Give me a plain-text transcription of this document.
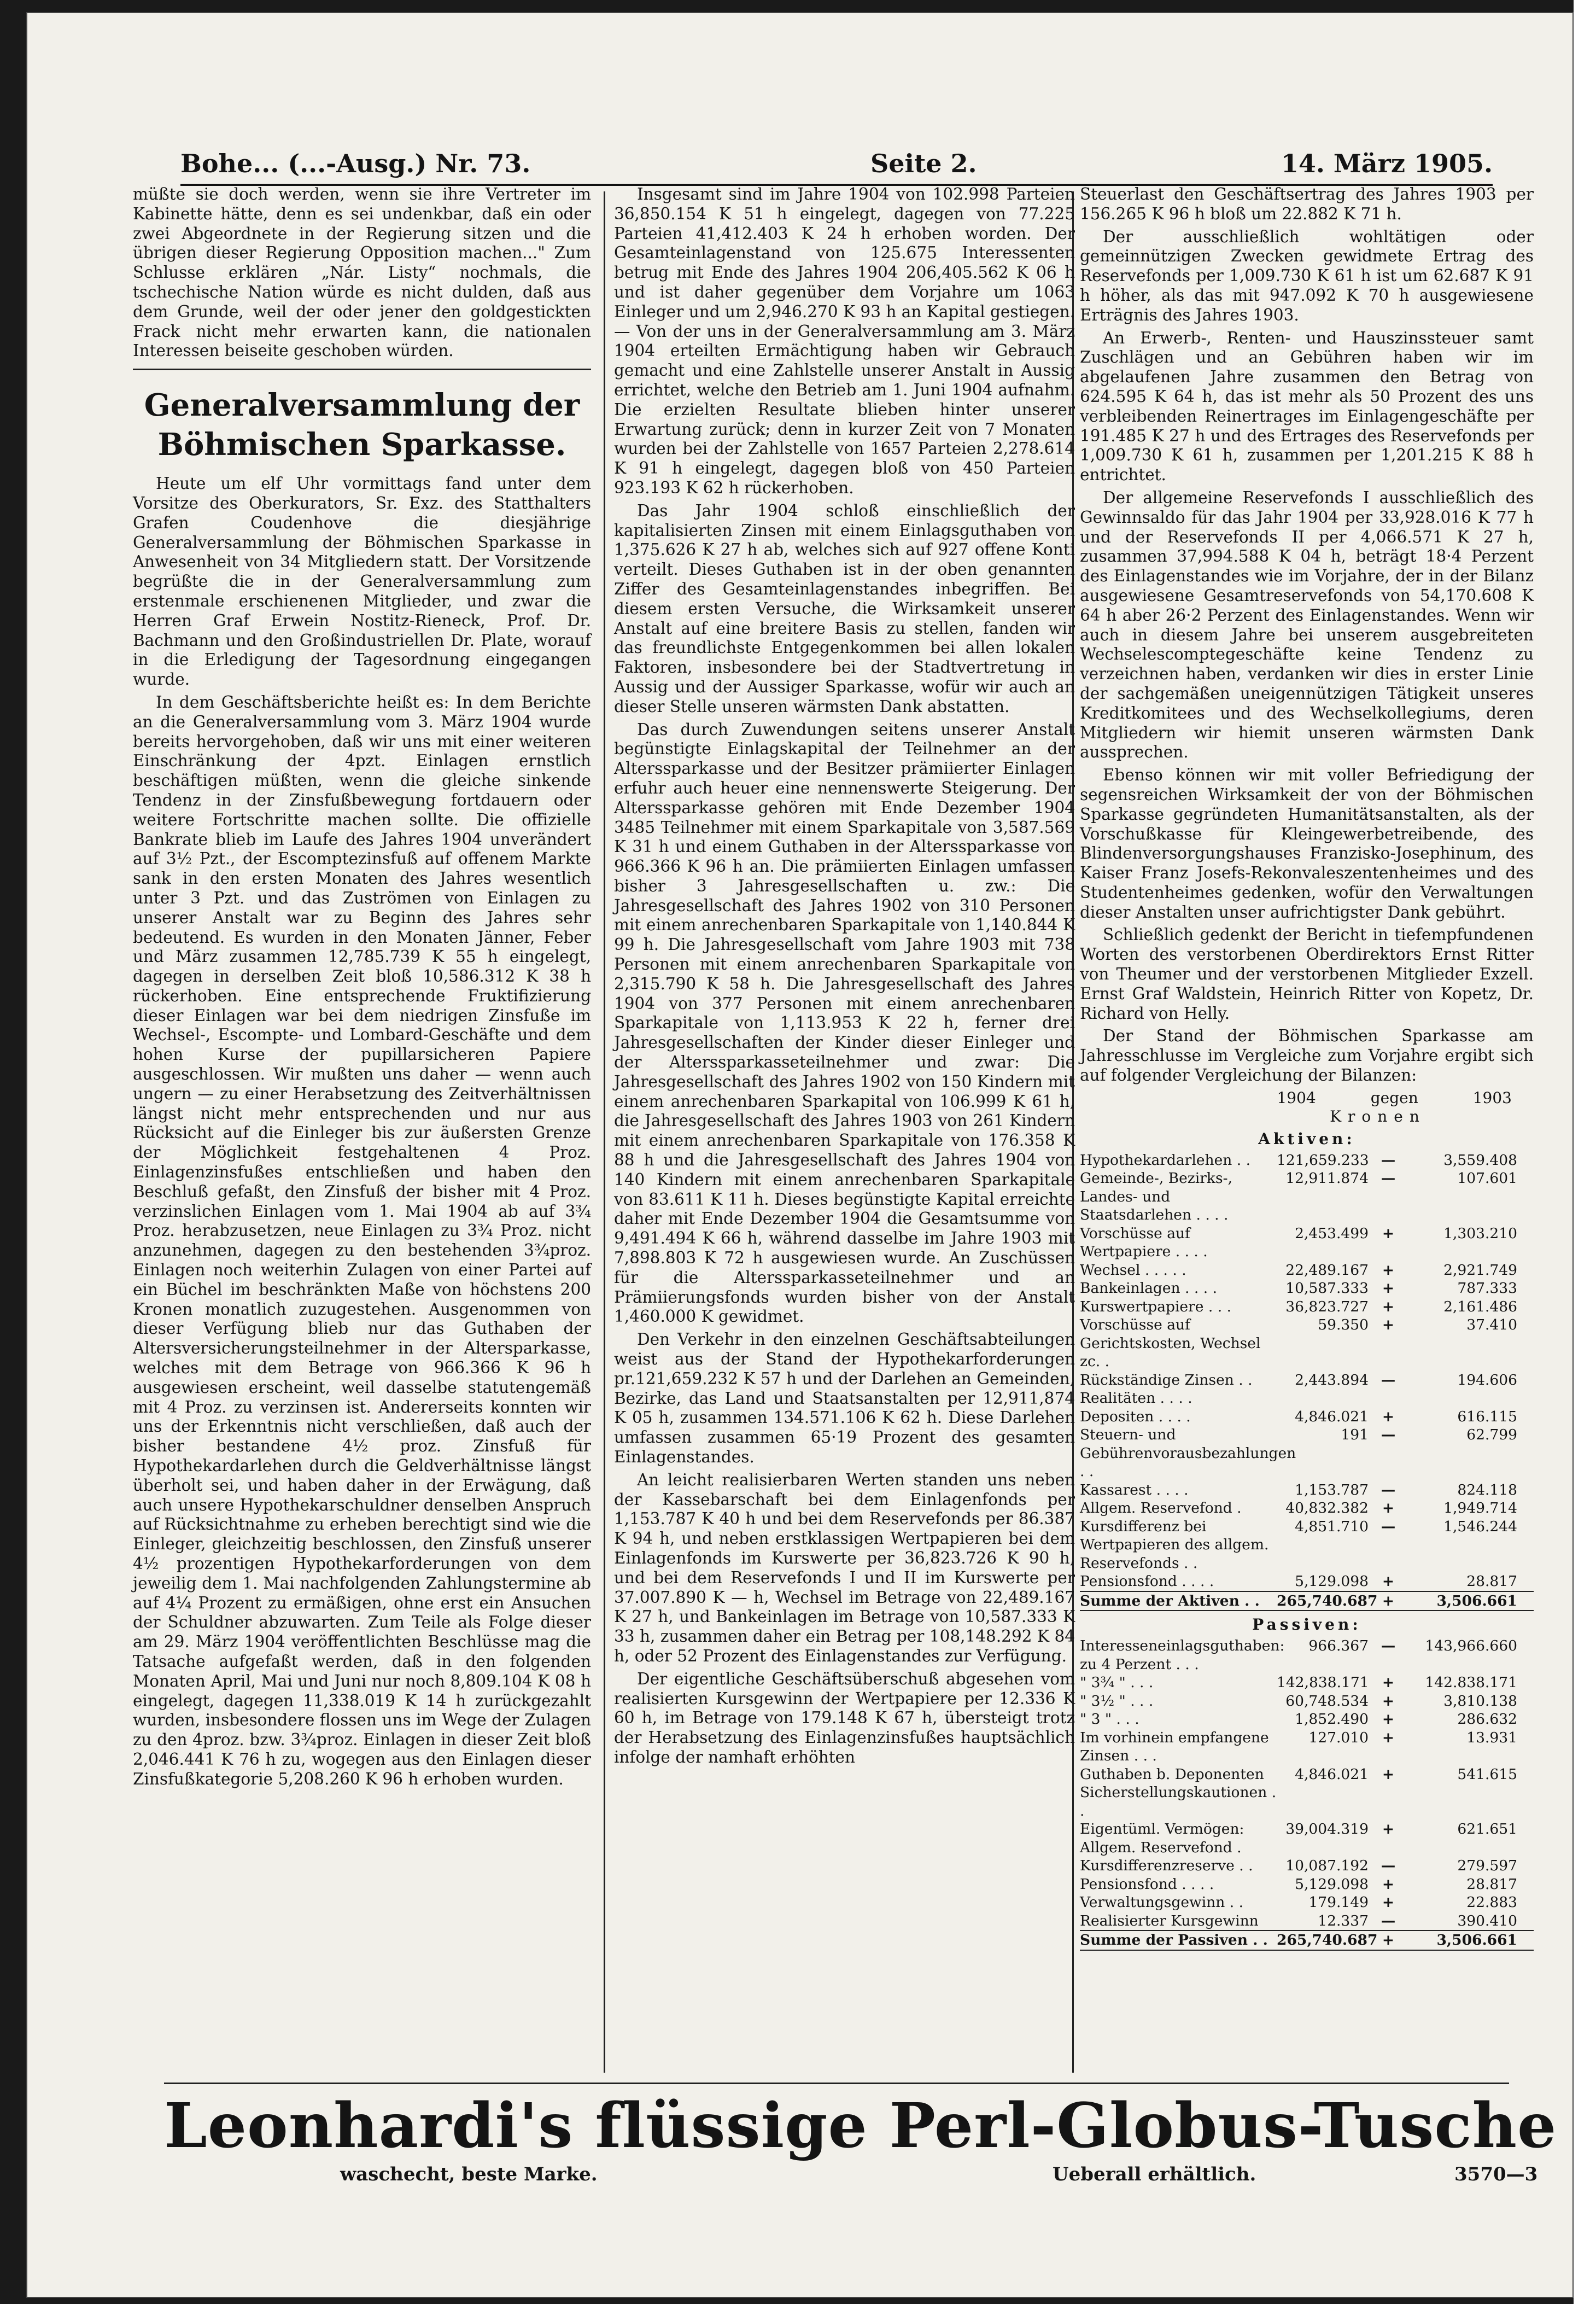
Bohe... (...-Ausg.) Nr. 73.	Seite 2.	14. März 1905.

müßte sie doch werden, wenn sie ihre Vertreter im Kabinette hätte, denn es sei undenkbar, daß ein oder zwei Abgeordnete in der Regierung sitzen und die übrigen dieser Regierung Opposition machen..." Zum Schlusse erklären „Nár. Listy“ nochmals, die tschechische Nation würde es nicht dulden, daß aus dem Grunde, weil der oder jener den goldgestickten Frack nicht mehr erwarten kann, die nationalen Interessen beiseite geschoben würden.

Generalversammlung der Böhmischen Sparkasse.

Heute um elf Uhr vormittags fand unter dem Vorsitze des Oberkurators, Sr. Exz. des Statthalters Grafen Coudenhove die diesjährige Generalversammlung der Böhmischen Sparkasse in Anwesenheit von 34 Mitgliedern statt. Der Vorsitzende begrüßte die in der Generalversammlung zum erstenmale erschienenen Mitglieder, und zwar die Herren Graf Erwein Nostitz-Rieneck, Prof. Dr. Bachmann und den Großindustriellen Dr. Plate, worauf in die Erledigung der Tagesordnung eingegangen wurde.

In dem Geschäftsberichte heißt es: In dem Berichte an die Generalversammlung vom 3. März 1904 wurde bereits hervorgehoben, daß wir uns mit einer weiteren Einschränkung der 4pzt. Einlagen ernstlich beschäftigen müßten, wenn die gleiche sinkende Tendenz in der Zinsfußbewegung fortdauern oder weitere Fortschritte machen sollte. Die offizielle Bankrate blieb im Laufe des Jahres 1904 unverändert auf 3½ Pzt., der Escomptezinsfuß auf offenem Markte sank in den ersten Monaten des Jahres wesentlich unter 3 Pzt. und das Zuströmen von Einlagen zu unserer Anstalt war zu Beginn des Jahres sehr bedeutend. Es wurden in den Monaten Jänner, Feber und März zusammen 12,785.739 K 55 h eingelegt, dagegen in derselben Zeit bloß 10,586.312 K 38 h rückerhoben. Eine entsprechende Fruktifizierung dieser Einlagen war bei dem niedrigen Zinsfuße im Wechsel-, Escompte- und Lombard-Geschäfte und dem hohen Kurse der pupillarsicheren Papiere ausgeschlossen. Wir mußten uns daher — wenn auch ungern — zu einer Herabsetzung des Zeitverhältnissen längst nicht mehr entsprechenden und nur aus Rücksicht auf die Einleger bis zur äußersten Grenze der Möglichkeit festgehaltenen 4 Proz. Einlagenzinsfußes entschließen und haben den Beschluß gefaßt, den Zinsfuß der bisher mit 4 Proz. verzinslichen Einlagen vom 1. Mai 1904 ab auf 3¾ Proz. herabzusetzen, neue Einlagen zu 3¾ Proz. nicht anzunehmen, dagegen zu den bestehenden 3¾proz. Einlagen noch weiterhin Zulagen von einer Partei auf ein Büchel im beschränkten Maße von höchstens 200 Kronen monatlich zuzugestehen. Ausgenommen von dieser Verfügung blieb nur das Guthaben der Altersversicherungsteilnehmer in der Altersparkasse, welches mit dem Betrage von 966.366 K 96 h ausgewiesen erscheint, weil dasselbe statutengemäß mit 4 Proz. zu verzinsen ist. Andererseits konnten wir uns der Erkenntnis nicht verschließen, daß auch der bisher bestandene 4½ proz. Zinsfuß für Hypothekardarlehen durch die Geldverhältnisse längst überholt sei, und haben daher in der Erwägung, daß auch unsere Hypothekarschuldner denselben Anspruch auf Rücksichtnahme zu erheben berechtigt sind wie die Einleger, gleichzeitig beschlossen, den Zinsfuß unserer 4½ prozentigen Hypothekarforderungen von dem jeweilig dem 1. Mai nachfolgenden Zahlungstermine ab auf 4¼ Prozent zu ermäßigen, ohne erst ein Ansuchen der Schuldner abzuwarten. Zum Teile als Folge dieser am 29. März 1904 veröffentlichten Beschlüsse mag die Tatsache aufgefaßt werden, daß in den folgenden Monaten April, Mai und Juni nur noch 8,809.104 K 08 h eingelegt, dagegen 11,338.019 K 14 h zurückgezahlt wurden, insbesondere flossen uns im Wege der Zulagen zu den 4proz. bzw. 3¾proz. Einlagen in dieser Zeit bloß 2,046.441 K 76 h zu, wogegen aus den Einlagen dieser Zinsfußkategorie 5,208.260 K 96 h erhoben wurden.

Insgesamt sind im Jahre 1904 von 102.998 Parteien 36,850.154 K 51 h eingelegt, dagegen von 77.225 Parteien 41,412.403 K 24 h erhoben worden. Der Gesamteinlagenstand von 125.675 Interessenten betrug mit Ende des Jahres 1904 206,405.562 K 06 h und ist daher gegenüber dem Vorjahre um 1063 Einleger und um 2,946.270 K 93 h an Kapital gestiegen. — Von der uns in der Generalversammlung am 3. März 1904 erteilten Ermächtigung haben wir Gebrauch gemacht und eine Zahlstelle unserer Anstalt in Aussig errichtet, welche den Betrieb am 1. Juni 1904 aufnahm. Die erzielten Resultate blieben hinter unserer Erwartung zurück; denn in kurzer Zeit von 7 Monaten wurden bei der Zahlstelle von 1657 Parteien 2,278.614 K 91 h eingelegt, dagegen bloß von 450 Parteien 923.193 K 62 h rückerhoben.

Das Jahr 1904 schloß einschließlich der kapitalisierten Zinsen mit einem Einlagsguthaben von 1,375.626 K 27 h ab, welches sich auf 927 offene Konti verteilt. Dieses Guthaben ist in der oben genannten Ziffer des Gesamteinlagenstandes inbegriffen. Bei diesem ersten Versuche, die Wirksamkeit unserer Anstalt auf eine breitere Basis zu stellen, fanden wir das freundlichste Entgegenkommen bei allen lokalen Faktoren, insbesondere bei der Stadtvertretung in Aussig und der Aussiger Sparkasse, wofür wir auch an dieser Stelle unseren wärmsten Dank abstatten.

Das durch Zuwendungen seitens unserer Anstalt begünstigte Einlagskapital der Teilnehmer an der Alterssparkasse und der Besitzer prämiierter Einlagen erfuhr auch heuer eine nennenswerte Steigerung. Der Alterssparkasse gehören mit Ende Dezember 1904 3485 Teilnehmer mit einem Sparkapitale von 3,587.569 K 31 h und einem Guthaben in der Alterssparkasse von 966.366 K 96 h an. Die prämiierten Einlagen umfassen bisher 3 Jahresgesellschaften u. zw.: Die Jahresgesellschaft des Jahres 1902 von 310 Personen mit einem anrechenbaren Sparkapitale von 1,140.844 K 99 h. Die Jahresgesellschaft vom Jahre 1903 mit 738 Personen mit einem anrechenbaren Sparkapitale von 2,315.790 K 58 h. Die Jahresgesellschaft des Jahres 1904 von 377 Personen mit einem anrechenbaren Sparkapitale von 1,113.953 K 22 h, ferner drei Jahresgesellschaften der Kinder dieser Einleger und der Alterssparkasseteilnehmer und zwar: Die Jahresgesellschaft des Jahres 1902 von 150 Kindern mit einem anrechenbaren Sparkapital von 106.999 K 61 h, die Jahresgesellschaft des Jahres 1903 von 261 Kindern mit einem anrechenbaren Sparkapitale von 176.358 K 88 h und die Jahresgesellschaft des Jahres 1904 von 140 Kindern mit einem anrechenbaren Sparkapitale von 83.611 K 11 h. Dieses begünstigte Kapital erreichte daher mit Ende Dezember 1904 die Gesamtsumme von 9,491.494 K 66 h, während dasselbe im Jahre 1903 mit 7,898.803 K 72 h ausgewiesen wurde. An Zuschüssen für die Alterssparkasseteilnehmer und an Prämiierungsfonds wurden bisher von der Anstalt 1,460.000 K gewidmet.

Den Verkehr in den einzelnen Geschäftsabteilungen weist aus der Stand der Hypothekarforderungen pr.121,659.232 K 57 h und der Darlehen an Gemeinden, Bezirke, das Land und Staatsanstalten per 12,911,874 K 05 h, zusammen 134.571.106 K 62 h. Diese Darlehen umfassen zusammen 65·19 Prozent des gesamten Einlagenstandes.

An leicht realisierbaren Werten standen uns neben der Kassebarschaft bei dem Einlagenfonds per 1,153.787 K 40 h und bei dem Reservefonds per 86.387 K 94 h, und neben erstklassigen Wertpapieren bei dem Einlagenfonds im Kurswerte per 36,823.726 K 90 h, und bei dem Reservefonds I und II im Kurswerte per 37.007.890 K — h, Wechsel im Betrage von 22,489.167 K 27 h, und Bankeinlagen im Betrage von 10,587.333 K 33 h, zusammen daher ein Betrag per 108,148.292 K 84 h, oder 52 Prozent des Einlagenstandes zur Verfügung.

Der eigentliche Geschäftsüberschuß abgesehen vom realisierten Kursgewinn der Wertpapiere per 12.336 K 60 h, im Betrage von 179.148 K 67 h, übersteigt trotz der Herabsetzung des Einlagenzinsfußes hauptsächlich infolge der namhaft erhöhten

Steuerlast den Geschäftsertrag des Jahres 1903 per 156.265 K 96 h bloß um 22.882 K 71 h.

Der ausschließlich wohltätigen oder gemeinnützigen Zwecken gewidmete Ertrag des Reservefonds per 1,009.730 K 61 h ist um 62.687 K 91 h höher, als das mit 947.092 K 70 h ausgewiesene Erträgnis des Jahres 1903.

An Erwerb-, Renten- und Hauszinssteuer samt Zuschlägen und an Gebühren haben wir im abgelaufenen Jahre zusammen den Betrag von 624.595 K 64 h, das ist mehr als 50 Prozent des uns verbleibenden Reinertrages im Einlagengeschäfte per 191.485 K 27 h und des Ertrages des Reservefonds per 1,009.730 K 61 h, zusammen per 1,201.215 K 88 h entrichtet.

Der allgemeine Reservefonds I ausschließlich des Gewinnsaldo für das Jahr 1904 per 33,928.016 K 77 h und der Reservefonds II per 4,066.571 K 27 h, zusammen 37,994.588 K 04 h, beträgt 18·4 Perzent des Einlagenstandes wie im Vorjahre, der in der Bilanz ausgewiesene Gesamtreservefonds von 54,170.608 K 64 h aber 26·2 Perzent des Einlagenstandes. Wenn wir auch in diesem Jahre bei unserem ausgebreiteten Wechselescomptegeschäfte keine Tendenz zu verzeichnen haben, verdanken wir dies in erster Linie der sachgemäßen uneigennützigen Tätigkeit unseres Kreditkomitees und des Wechselkollegiums, deren Mitgliedern wir hiemit unseren wärmsten Dank aussprechen.

Ebenso können wir mit voller Befriedigung der segensreichen Wirksamkeit der von der Böhmischen Sparkasse gegründeten Humanitätsanstalten, als der Vorschußkasse für Kleingewerbetreibende, des Blindenversorgungshauses Franzisko-Josephinum, des Kaiser Franz Josefs-Rekonvaleszentenheimes und des Studentenheimes gedenken, wofür den Verwaltungen dieser Anstalten unser aufrichtigster Dank gebührt.

Schließlich gedenkt der Bericht in tiefempfundenen Worten des verstorbenen Oberdirektors Ernst Ritter von Theumer und der verstorbenen Mitglieder Exzell. Ernst Graf Waldstein, Heinrich Ritter von Kopetz, Dr. Richard von Helly.

Der Stand der Böhmischen Sparkasse am Jahresschlusse im Vergleiche zum Vorjahre ergibt sich auf folgender Vergleichung der Bilanzen:

1904	gegen	1903
Kronen
Aktiven:
Hypothekardarlehen . .	121,659.233 —	3,559.408
Gemeinde-, Bezirks-, Landes- und Staatsdarlehen . . . .
12,911.874 —	107.601
Vorschüsse auf Wertpapiere . . . .
2,453.499 +	1,303.210
Wechsel . . . . .	22,489.167 +	2,921.749
Bankeinlagen . . . .	10,587.333 +	787.333
Kurswertpapiere . . .	36,823.727 +	2,161.486
Vorschüsse auf Gerichtskosten, Wechsel zc. .
59.350 +	37.410
Rückständige Zinsen . .	2,443.894 —	194.606
Realitäten . . . .
Depositen . . . .	4,846.021 +	616.115
Steuern- und Gebührenvorausbezahlungen . .
191 —	62.799
Kassarest . . . .	1,153.787 —	824.118
Allgem. Reservefond .	40,832.382 +	1,949.714
Kursdifferenz bei Wertpapieren des allgem. Reservefonds . .
4,851.710 —	1,546.244
Pensionsfond . . . .	5,129.098 +	28.817
Summe der Aktiven . .	265,740.687 +	3,506.661
Passiven:
Interesseneinlagsguthaben: zu 4 Perzent . . .
966.367 —	143,966.660
" 3¾ " . . .	142,838.171 +	142.838.171
" 3½ " . . .	60,748.534 +	3,810.138
" 3 " . . .	1,852.490 +	286.632
Im vorhinein empfangene Zinsen . . .
127.010 +	13.931
Guthaben b. Deponenten	4,846.021 +	541.615
Sicherstellungskautionen . .
Eigentüml. Vermögen: Allgem. Reservefond .
39,004.319 +	621.651
Kursdifferenzreserve . .	10,087.192 —	279.597
Pensionsfond . . . .	5,129.098 +	28.817
Verwaltungsgewinn . .	179.149 +	22.883
Realisierter Kursgewinn	12.337 —	390.410
Summe der Passiven . . 265,740.687 +	3,506.661
Leonhardi's flüssige Perl-Globus-Tusche
waschecht, beste Marke.	Ueberall erhältlich.	3570—3
